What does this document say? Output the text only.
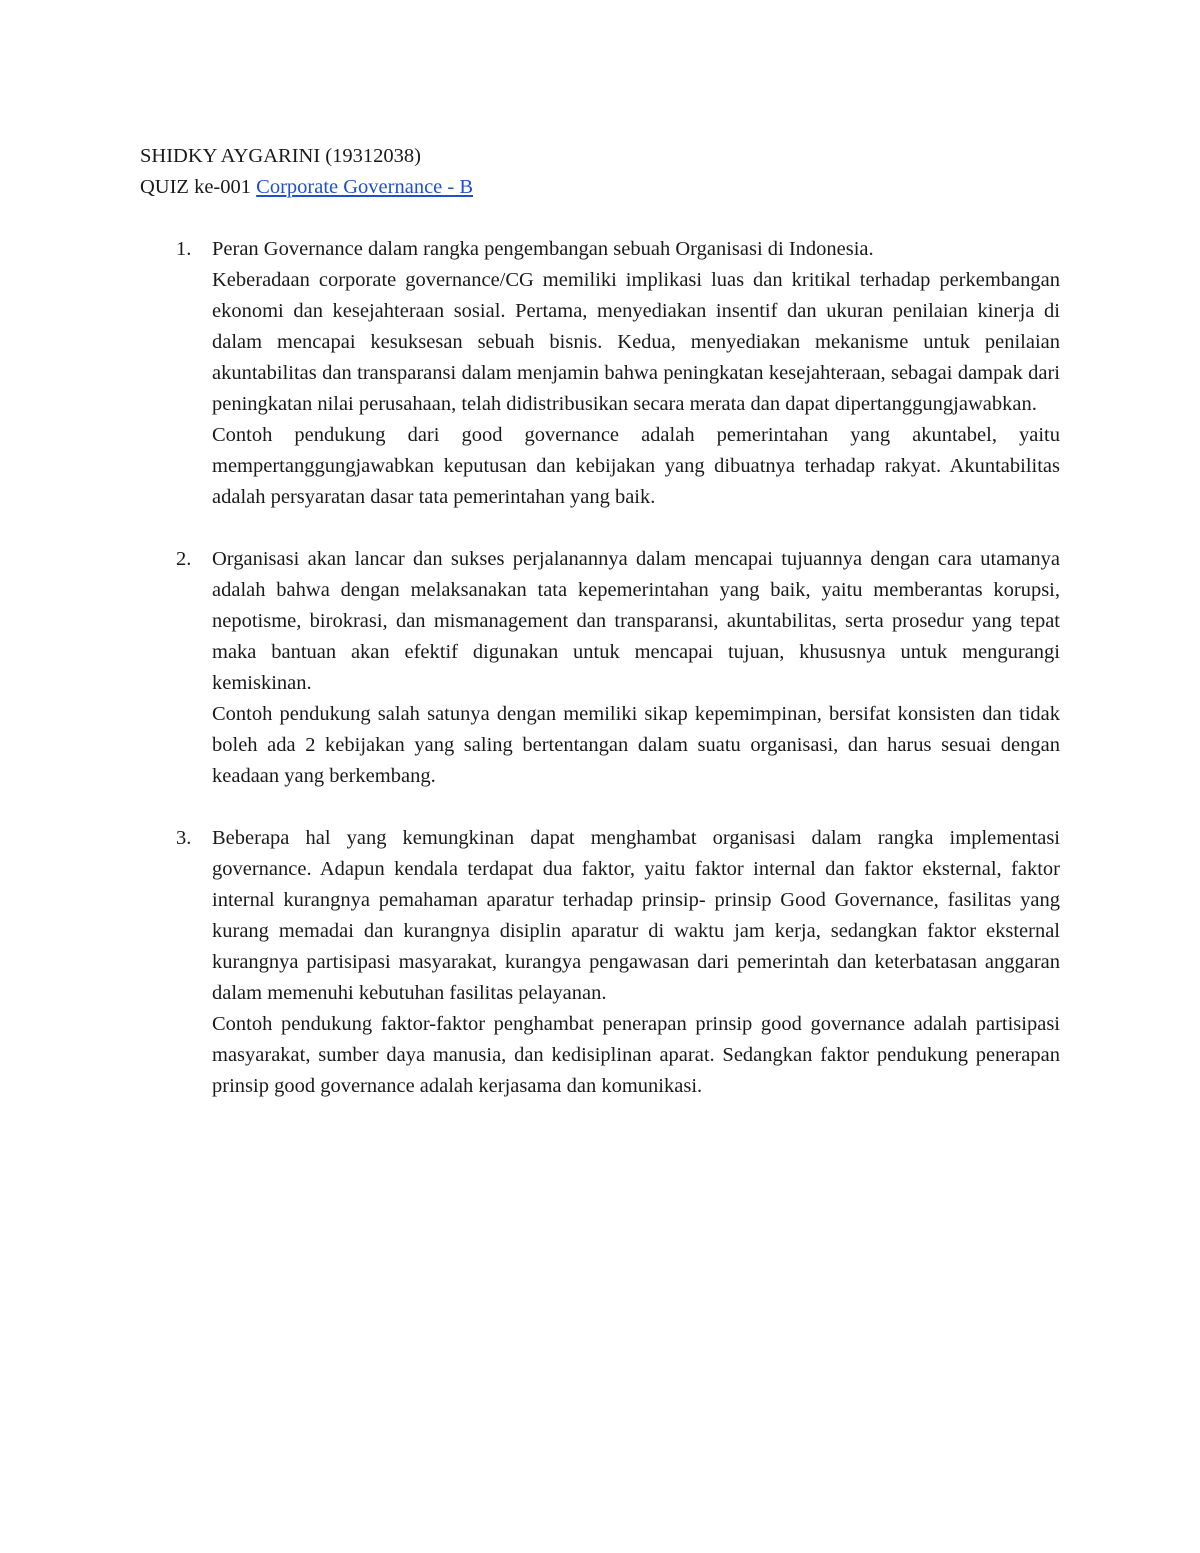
SHIDKY AYGARINI (19312038)

QUIZ ke-001 Corporate Governance - B

1. Peran Governance dalam rangka pengembangan sebuah Organisasi di Indonesia.

Keberadaan corporate governance/CG memiliki implikasi luas dan kritikal terhadap perkembangan ekonomi dan kesejahteraan sosial. Pertama, menyediakan insentif dan ukuran penilaian kinerja di dalam mencapai kesuksesan sebuah bisnis. Kedua, menyediakan mekanisme untuk penilaian akuntabilitas dan transparansi dalam menjamin bahwa peningkatan kesejahteraan, sebagai dampak dari peningkatan nilai perusahaan, telah didistribusikan secara merata dan dapat dipertanggungjawabkan.

Contoh pendukung dari good governance adalah pemerintahan yang akuntabel, yaitu mempertanggungjawabkan keputusan dan kebijakan yang dibuatnya terhadap rakyat. Akuntabilitas adalah persyaratan dasar tata pemerintahan yang baik.

2. Organisasi akan lancar dan sukses perjalanannya dalam mencapai tujuannya dengan cara utamanya adalah bahwa dengan melaksanakan tata kepemerintahan yang baik, yaitu memberantas korupsi, nepotisme, birokrasi, dan mismanagement dan transparansi, akuntabilitas, serta prosedur yang tepat maka bantuan akan efektif digunakan untuk mencapai tujuan, khususnya untuk mengurangi kemiskinan.

Contoh pendukung salah satunya dengan memiliki sikap kepemimpinan, bersifat konsisten dan tidak boleh ada 2 kebijakan yang saling bertentangan dalam suatu organisasi, dan harus sesuai dengan keadaan yang berkembang.

3. Beberapa hal yang kemungkinan dapat menghambat organisasi dalam rangka implementasi governance. Adapun kendala terdapat dua faktor, yaitu faktor internal dan faktor eksternal, faktor internal kurangnya pemahaman aparatur terhadap prinsip- prinsip Good Governance, fasilitas yang kurang memadai dan kurangnya disiplin aparatur di waktu jam kerja, sedangkan faktor eksternal kurangnya partisipasi masyarakat, kurangya pengawasan dari pemerintah dan keterbatasan anggaran dalam memenuhi kebutuhan fasilitas pelayanan.

Contoh pendukung faktor-faktor penghambat penerapan prinsip good governance adalah partisipasi masyarakat, sumber daya manusia, dan kedisiplinan aparat. Sedangkan faktor pendukung penerapan prinsip good governance adalah kerjasama dan komunikasi.
